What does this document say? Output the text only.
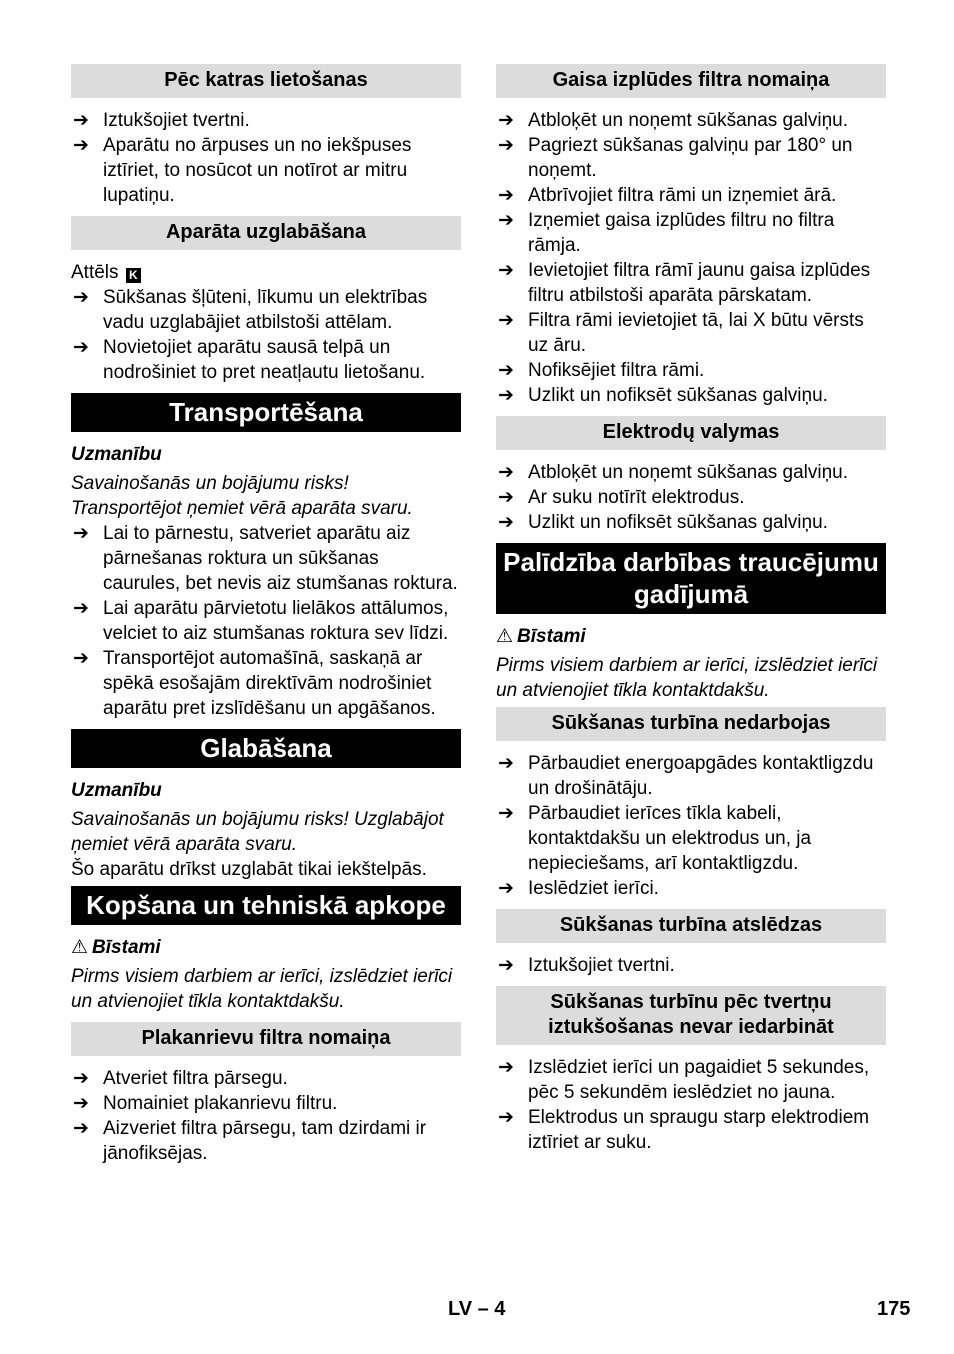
Pēc katras lietošanas
➔ Iztukšojiet tvertni.
➔ Aparātu no ārpuses un no iekšpuses iztīriet, to nosūcot un notīrot ar mitru lupatiņu.
Aparāta uzglabāšana
Attēls K
➔ Sūkšanas šļūteni, līkumu un elektrības vadu uzglabājiet atbilstoši attēlam.
➔ Novietojiet aparātu sausā telpā un nodrošiniet to pret neatļautu lietošanu.
Transportēšana
Uzmanību
Savainošanās un bojājumu risks! Transportējot ņemiet vērā aparāta svaru.
➔ Lai to pārnestu, satveriet aparātu aiz pārnešanas roktura un sūkšanas caurules, bet nevis aiz stumšanas roktura.
➔ Lai aparātu pārvietotu lielākos attālumos, velciet to aiz stumšanas roktura sev līdzi.
➔ Transportējot automašīnā, saskaņā ar spēkā esošajām direktīvām nodrošiniet aparātu pret izslīdēšanu un apgāšanos.
Glabāšana
Uzmanību
Savainošanās un bojājumu risks! Uzglabājot ņemiet vērā aparāta svaru.
Šo aparātu drīkst uzglabāt tikai iekštelpās.
Kopšana un tehniskā apkope
⚠ Bīstami
Pirms visiem darbiem ar ierīci, izslēdziet ierīci un atvienojiet tīkla kontaktdakšu.
Plakanrievu filtra nomaiņa
➔ Atveriet filtra pārsegu.
➔ Nomainiet plakanrievu filtru.
➔ Aizveriet filtra pārsegu, tam dzirdami ir jānofiksējas.
Gaisa izplūdes filtra nomaiņa
➔ Atbloķēt un noņemt sūkšanas galviņu.
➔ Pagriezt sūkšanas galviņu par 180° un noņemt.
➔ Atbrīvojiet filtra rāmi un izņemiet ārā.
➔ Izņemiet gaisa izplūdes filtru no filtra rāmja.
➔ Ievietojiet filtra rāmī jaunu gaisa izplūdes filtru atbilstoši aparāta pārskatam.
➔ Filtra rāmi ievietojiet tā, lai X būtu vērsts uz āru.
➔ Nofiksējiet filtra rāmi.
➔ Uzlikt un nofiksēt sūkšanas galviņu.
Elektrodų valymas
➔ Atbloķēt un noņemt sūkšanas galviņu.
➔ Ar suku notīrīt elektrodus.
➔ Uzlikt un nofiksēt sūkšanas galviņu.
Palīdzība darbības traucējumu gadījumā
⚠ Bīstami
Pirms visiem darbiem ar ierīci, izslēdziet ierīci un atvienojiet tīkla kontaktdakšu.
Sūkšanas turbīna nedarbojas
➔ Pārbaudiet energoapgādes kontaktligzdu un drošinātāju.
➔ Pārbaudiet ierīces tīkla kabeli, kontaktdakšu un elektrodus un, ja nepieciešams, arī kontaktligzdu.
➔ Ieslēdziet ierīci.
Sūkšanas turbīna atslēdzas
➔ Iztukšojiet tvertni.
Sūkšanas turbīnu pēc tvertņu iztukšošanas nevar iedarbināt
➔ Izslēdziet ierīci un pagaidiet 5 sekundes, pēc 5 sekundēm ieslēdziet no jauna.
➔ Elektrodus un spraugu starp elektrodiem iztīriet ar suku.
LV – 4	175
